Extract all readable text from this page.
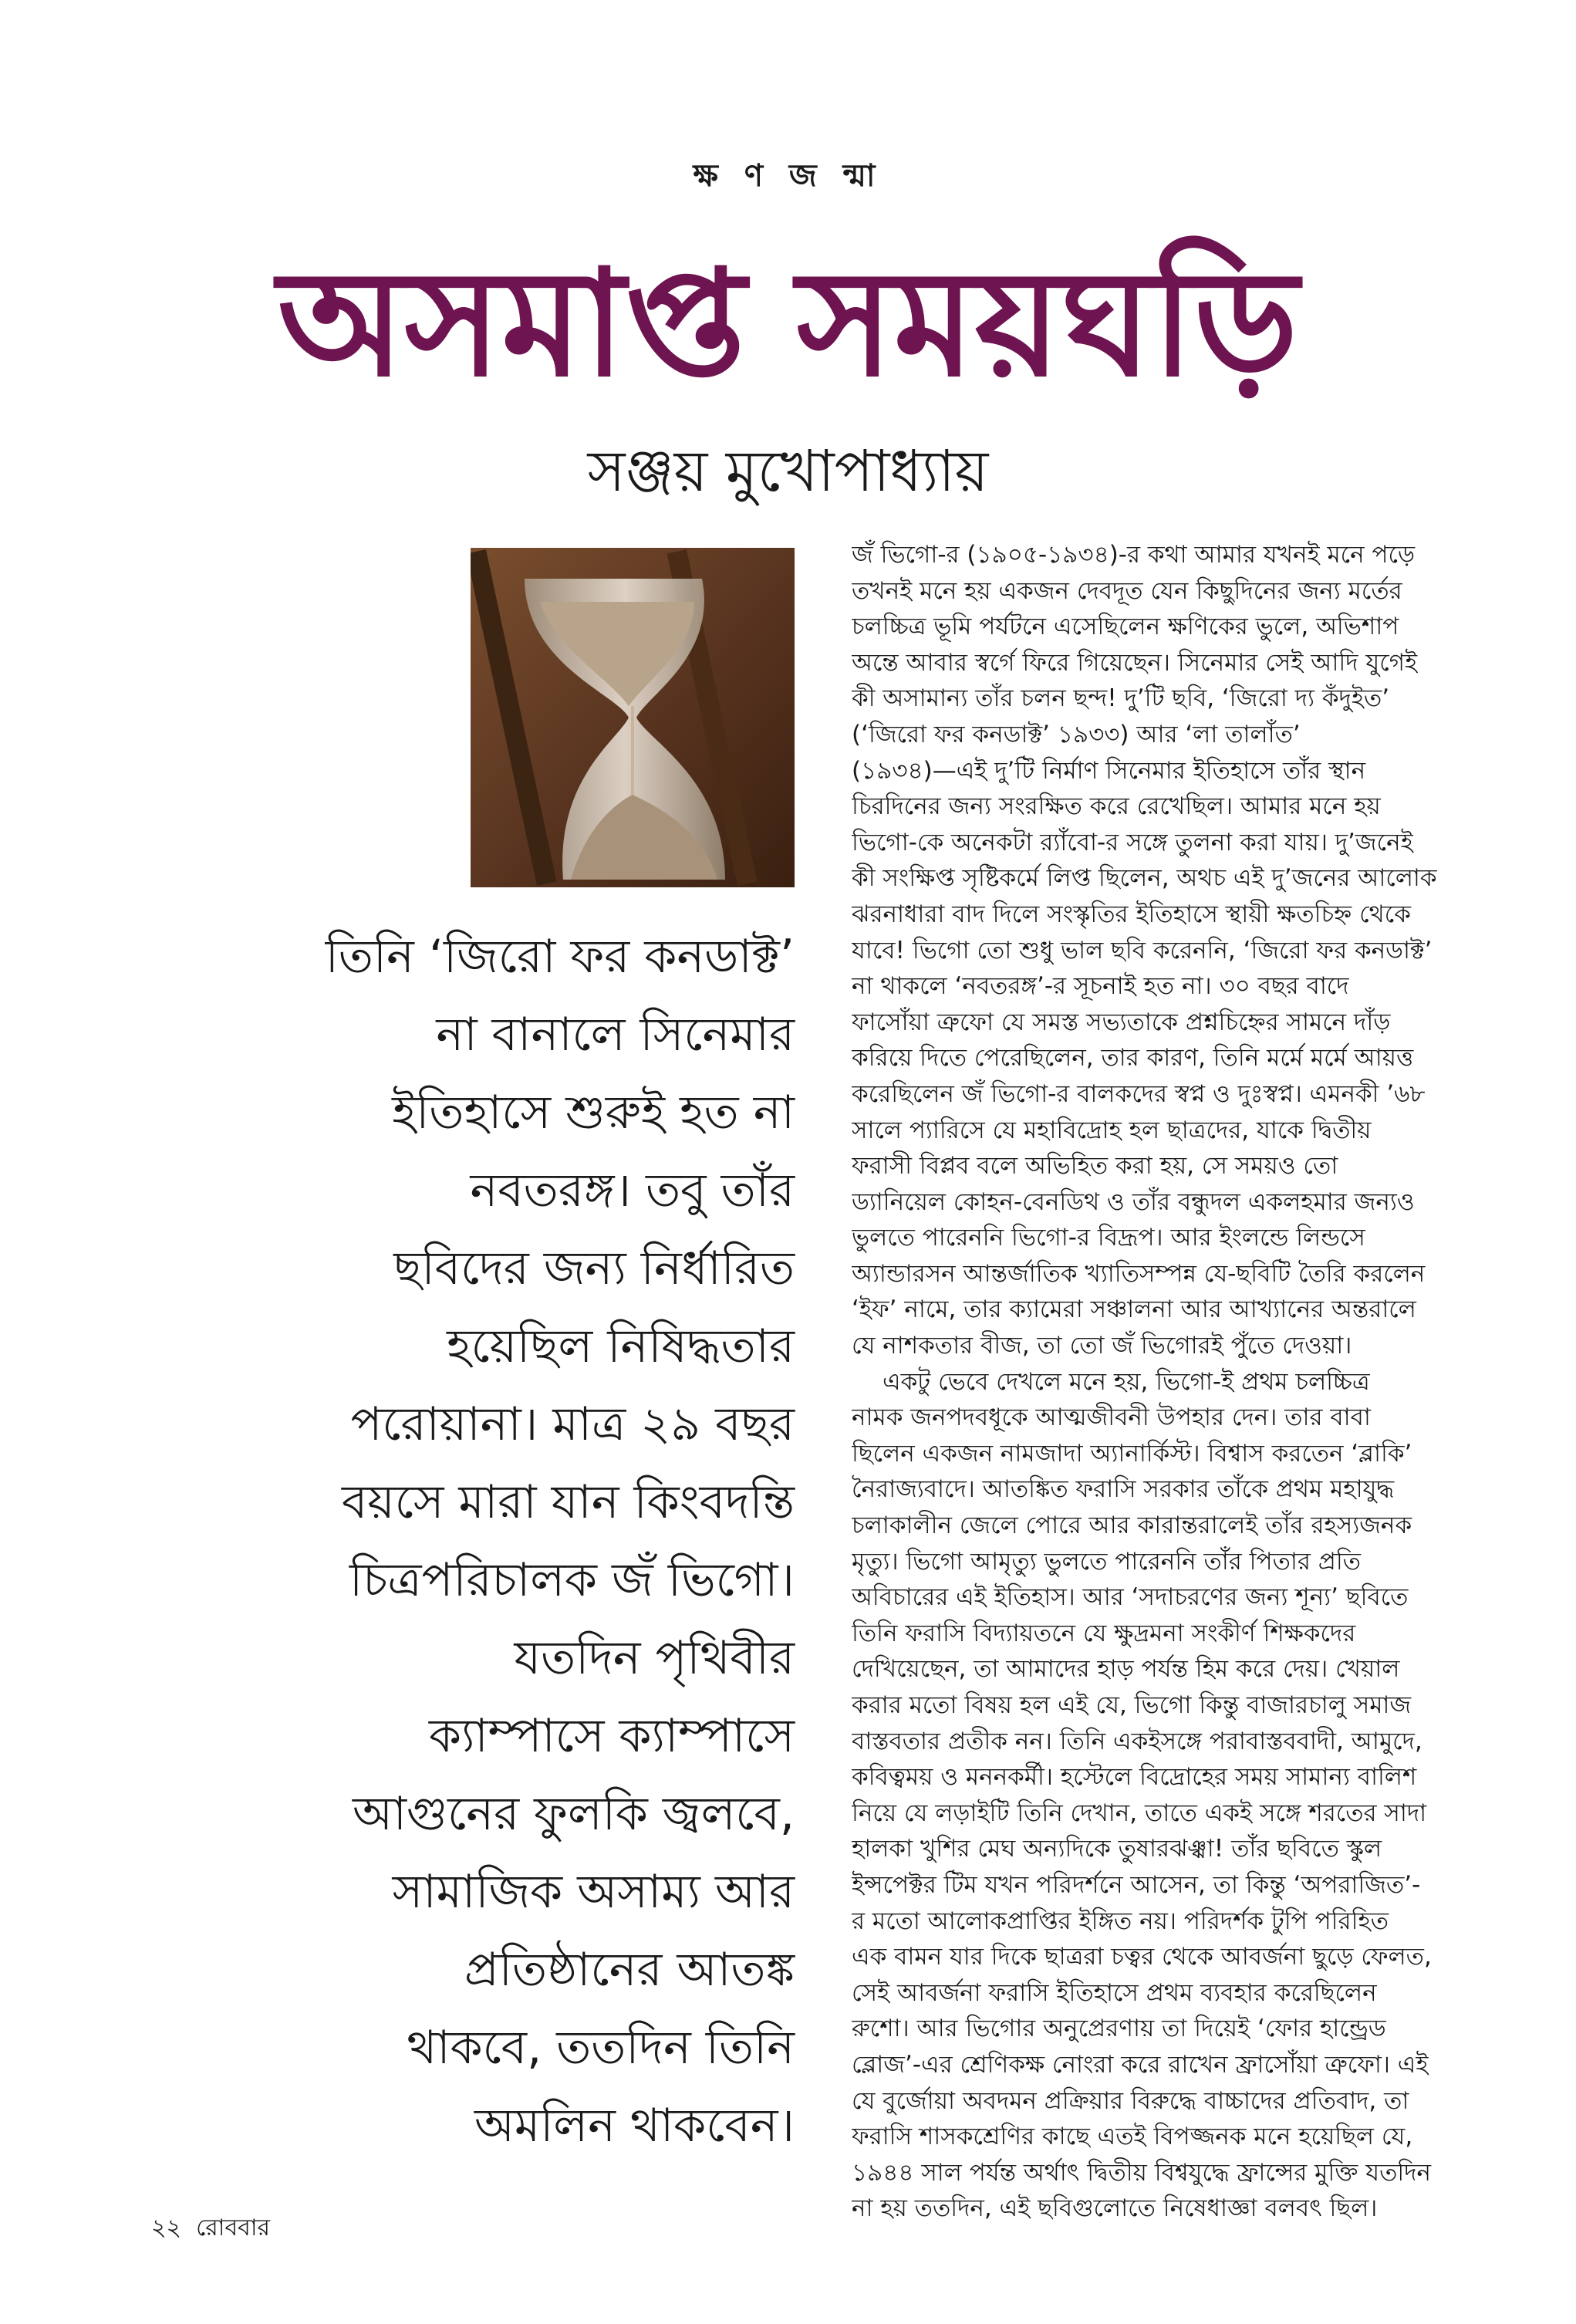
ক্ষ ণ জ ন্মা
অসমাপ্ত সময়ঘড়ি
সঞ্জয় মুখোপাধ্যায়
তিনি ‘জিরো ফর কনডাক্ট’
না বানালে সিনেমার
ইতিহাসে শুরুই হত না
নবতরঙ্গ। তবু তাঁর
ছবিদের জন্য নির্ধারিত
হয়েছিল নিষিদ্ধতার
পরোয়ানা। মাত্র ২৯ বছর
বয়সে মারা যান কিংবদন্তি
চিত্রপরিচালক জঁ ভিগো।
যতদিন পৃথিবীর
ক্যাম্পাসে ক্যাম্পাসে
আগুনের ফুলকি জ্বলবে,
সামাজিক অসাম্য আর
প্রতিষ্ঠানের আতঙ্ক
থাকবে, ততদিন তিনি
অমলিন থাকবেন।
জঁ ভিগো-র (১৯০৫-১৯৩৪)-র কথা আমার যখনই মনে পড়ে
তখনই মনে হয় একজন দেবদূত যেন কিছুদিনের জন্য মর্তের
চলচ্চিত্র ভূমি পর্যটনে এসেছিলেন ক্ষণিকের ভুলে, অভিশাপ
অন্তে আবার স্বর্গে ফিরে গিয়েছেন। সিনেমার সেই আদি যুগেই
কী অসামান্য তাঁর চলন ছন্দ! দু’টি ছবি, ‘জিরো দ্য কঁদুইত’
(‘জিরো ফর কনডাক্ট’ ১৯৩৩) আর ‘লা তালাঁত’
(১৯৩৪)—এই দু’টি নির্মাণ সিনেমার ইতিহাসে তাঁর স্থান
চিরদিনের জন্য সংরক্ষিত করে রেখেছিল। আমার মনে হয়
ভিগো-কে অনেকটা র‍্যাঁবো-র সঙ্গে তুলনা করা যায়। দু’জনেই
কী সংক্ষিপ্ত সৃষ্টিকর্মে লিপ্ত ছিলেন, অথচ এই দু’জনের আলোক
ঝরনাধারা বাদ দিলে সংস্কৃতির ইতিহাসে স্থায়ী ক্ষতচিহ্ন থেকে
যাবে! ভিগো তো শুধু ভাল ছবি করেননি, ‘জিরো ফর কনডাক্ট’
না থাকলে ‘নবতরঙ্গ’-র সূচনাই হত না। ৩০ বছর বাদে
ফাসোঁয়া ত্রুফো যে সমস্ত সভ্যতাকে প্রশ্নচিহ্নের সামনে দাঁড়
করিয়ে দিতে পেরেছিলেন, তার কারণ, তিনি মর্মে মর্মে আয়ত্ত
করেছিলেন জঁ ভিগো-র বালকদের স্বপ্ন ও দুঃস্বপ্ন। এমনকী ’৬৮
সালে প্যারিসে যে মহাবিদ্রোহ হল ছাত্রদের, যাকে দ্বিতীয়
ফরাসী বিপ্লব বলে অভিহিত করা হয়, সে সময়ও তো
ড্যানিয়েল কোহন-বেনডিথ ও তাঁর বন্ধুদল একলহমার জন্যও
ভুলতে পারেননি ভিগো-র বিদ্রূপ। আর ইংলন্ডে লিন্ডসে
অ্যান্ডারসন আন্তর্জাতিক খ্যাতিসম্পন্ন যে-ছবিটি তৈরি করলেন
‘ইফ’ নামে, তার ক্যামেরা সঞ্চালনা আর আখ্যানের অন্তরালে
যে নাশকতার বীজ, তা তো জঁ ভিগোরই পুঁতে দেওয়া।
একটু ভেবে দেখলে মনে হয়, ভিগো-ই প্রথম চলচ্চিত্র
নামক জনপদবধূকে আত্মজীবনী উপহার দেন। তার বাবা
ছিলেন একজন নামজাদা অ্যানার্কিস্ট। বিশ্বাস করতেন ‘ব্লাকি’
নৈরাজ্যবাদে। আতঙ্কিত ফরাসি সরকার তাঁকে প্রথম মহাযুদ্ধ
চলাকালীন জেলে পোরে আর কারান্তরালেই তাঁর রহস্যজনক
মৃত্যু। ভিগো আমৃত্যু ভুলতে পারেননি তাঁর পিতার প্রতি
অবিচারের এই ইতিহাস। আর ‘সদাচরণের জন্য শূন্য’ ছবিতে
তিনি ফরাসি বিদ্যায়তনে যে ক্ষুদ্রমনা সংকীর্ণ শিক্ষকদের
দেখিয়েছেন, তা আমাদের হাড় পর্যন্ত হিম করে দেয়। খেয়াল
করার মতো বিষয় হল এই যে, ভিগো কিন্তু বাজারচালু সমাজ
বাস্তবতার প্রতীক নন। তিনি একইসঙ্গে পরাবাস্তববাদী, আমুদে,
কবিত্বময় ও মননকর্মী। হস্টেলে বিদ্রোহের সময় সামান্য বালিশ
নিয়ে যে লড়াইটি তিনি দেখান, তাতে একই সঙ্গে শরতের সাদা
হালকা খুশির মেঘ অন্যদিকে তুষারঝঞ্ঝা! তাঁর ছবিতে স্কুল
ইন্সপেক্টর টিম যখন পরিদর্শনে আসেন, তা কিন্তু ‘অপরাজিত’-
র মতো আলোকপ্রাপ্তির ইঙ্গিত নয়। পরিদর্শক টুপি পরিহিত
এক বামন যার দিকে ছাত্ররা চত্বর থেকে আবর্জনা ছুড়ে ফেলত,
সেই আবর্জনা ফরাসি ইতিহাসে প্রথম ব্যবহার করেছিলেন
রুশো। আর ভিগোর অনুপ্রেরণায় তা দিয়েই ‘ফোর হান্ড্রেড
ব্লোজ’-এর শ্রেণিকক্ষ নোংরা করে রাখেন ফ্রাসোঁয়া ত্রুফো। এই
যে বুর্জোয়া অবদমন প্রক্রিয়ার বিরুদ্ধে বাচ্চাদের প্রতিবাদ, তা
ফরাসি শাসকশ্রেণির কাছে এতই বিপজ্জনক মনে হয়েছিল যে,
১৯৪৪ সাল পর্যন্ত অর্থাৎ দ্বিতীয় বিশ্বযুদ্ধে ফ্রান্সের মুক্তি যতদিন
না হয় ততদিন, এই ছবিগুলোতে নিষেধাজ্ঞা বলবৎ ছিল।
২২ রোববার
